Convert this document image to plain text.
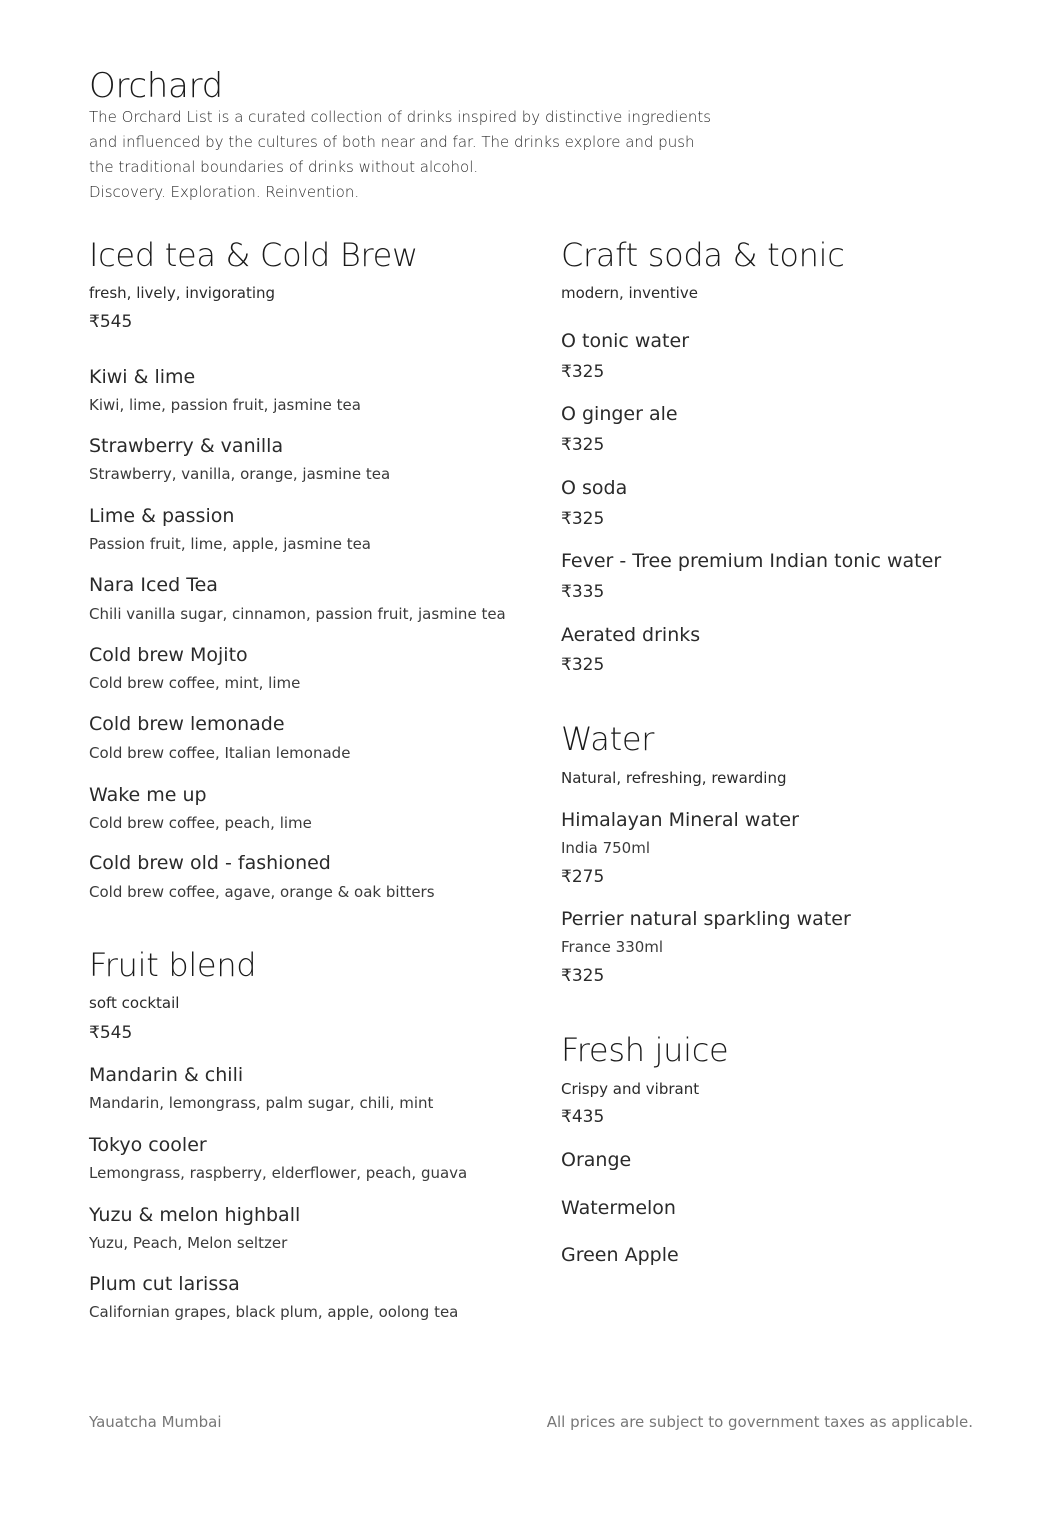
Orchard
The Orchard List is a curated collection of drinks inspired by distinctive ingredients
and influenced by the cultures of both near and far. The drinks explore and push
the traditional boundaries of drinks without alcohol.
Discovery. Exploration. Reinvention.
Iced tea & Cold Brew
fresh, lively, invigorating
₹545
Kiwi & lime
Kiwi, lime, passion fruit, jasmine tea
Strawberry & vanilla
Strawberry, vanilla, orange, jasmine tea
Lime & passion
Passion fruit, lime, apple, jasmine tea
Nara Iced Tea
Chili vanilla sugar, cinnamon, passion fruit, jasmine tea
Cold brew Mojito
Cold brew coffee, mint, lime
Cold brew lemonade
Cold brew coffee, Italian lemonade
Wake me up
Cold brew coffee, peach, lime
Cold brew old - fashioned
Cold brew coffee, agave, orange & oak bitters
Fruit blend
soft cocktail
₹545
Mandarin & chili
Mandarin, lemongrass, palm sugar, chili, mint
Tokyo cooler
Lemongrass, raspberry, elderflower, peach, guava
Yuzu & melon highball
Yuzu, Peach, Melon seltzer
Plum cut larissa
Californian grapes, black plum, apple, oolong tea
Craft soda & tonic
modern, inventive
O tonic water
₹325
O ginger ale
₹325
O soda
₹325
Fever - Tree premium Indian tonic water
₹335
Aerated drinks
₹325
Water
Natural, refreshing, rewarding
Himalayan Mineral water
India 750ml
₹275
Perrier natural sparkling water
France 330ml
₹325
Fresh juice
Crispy and vibrant
₹435
Orange
Watermelon
Green Apple
Yauatcha Mumbai	All prices are subject to government taxes as applicable.
